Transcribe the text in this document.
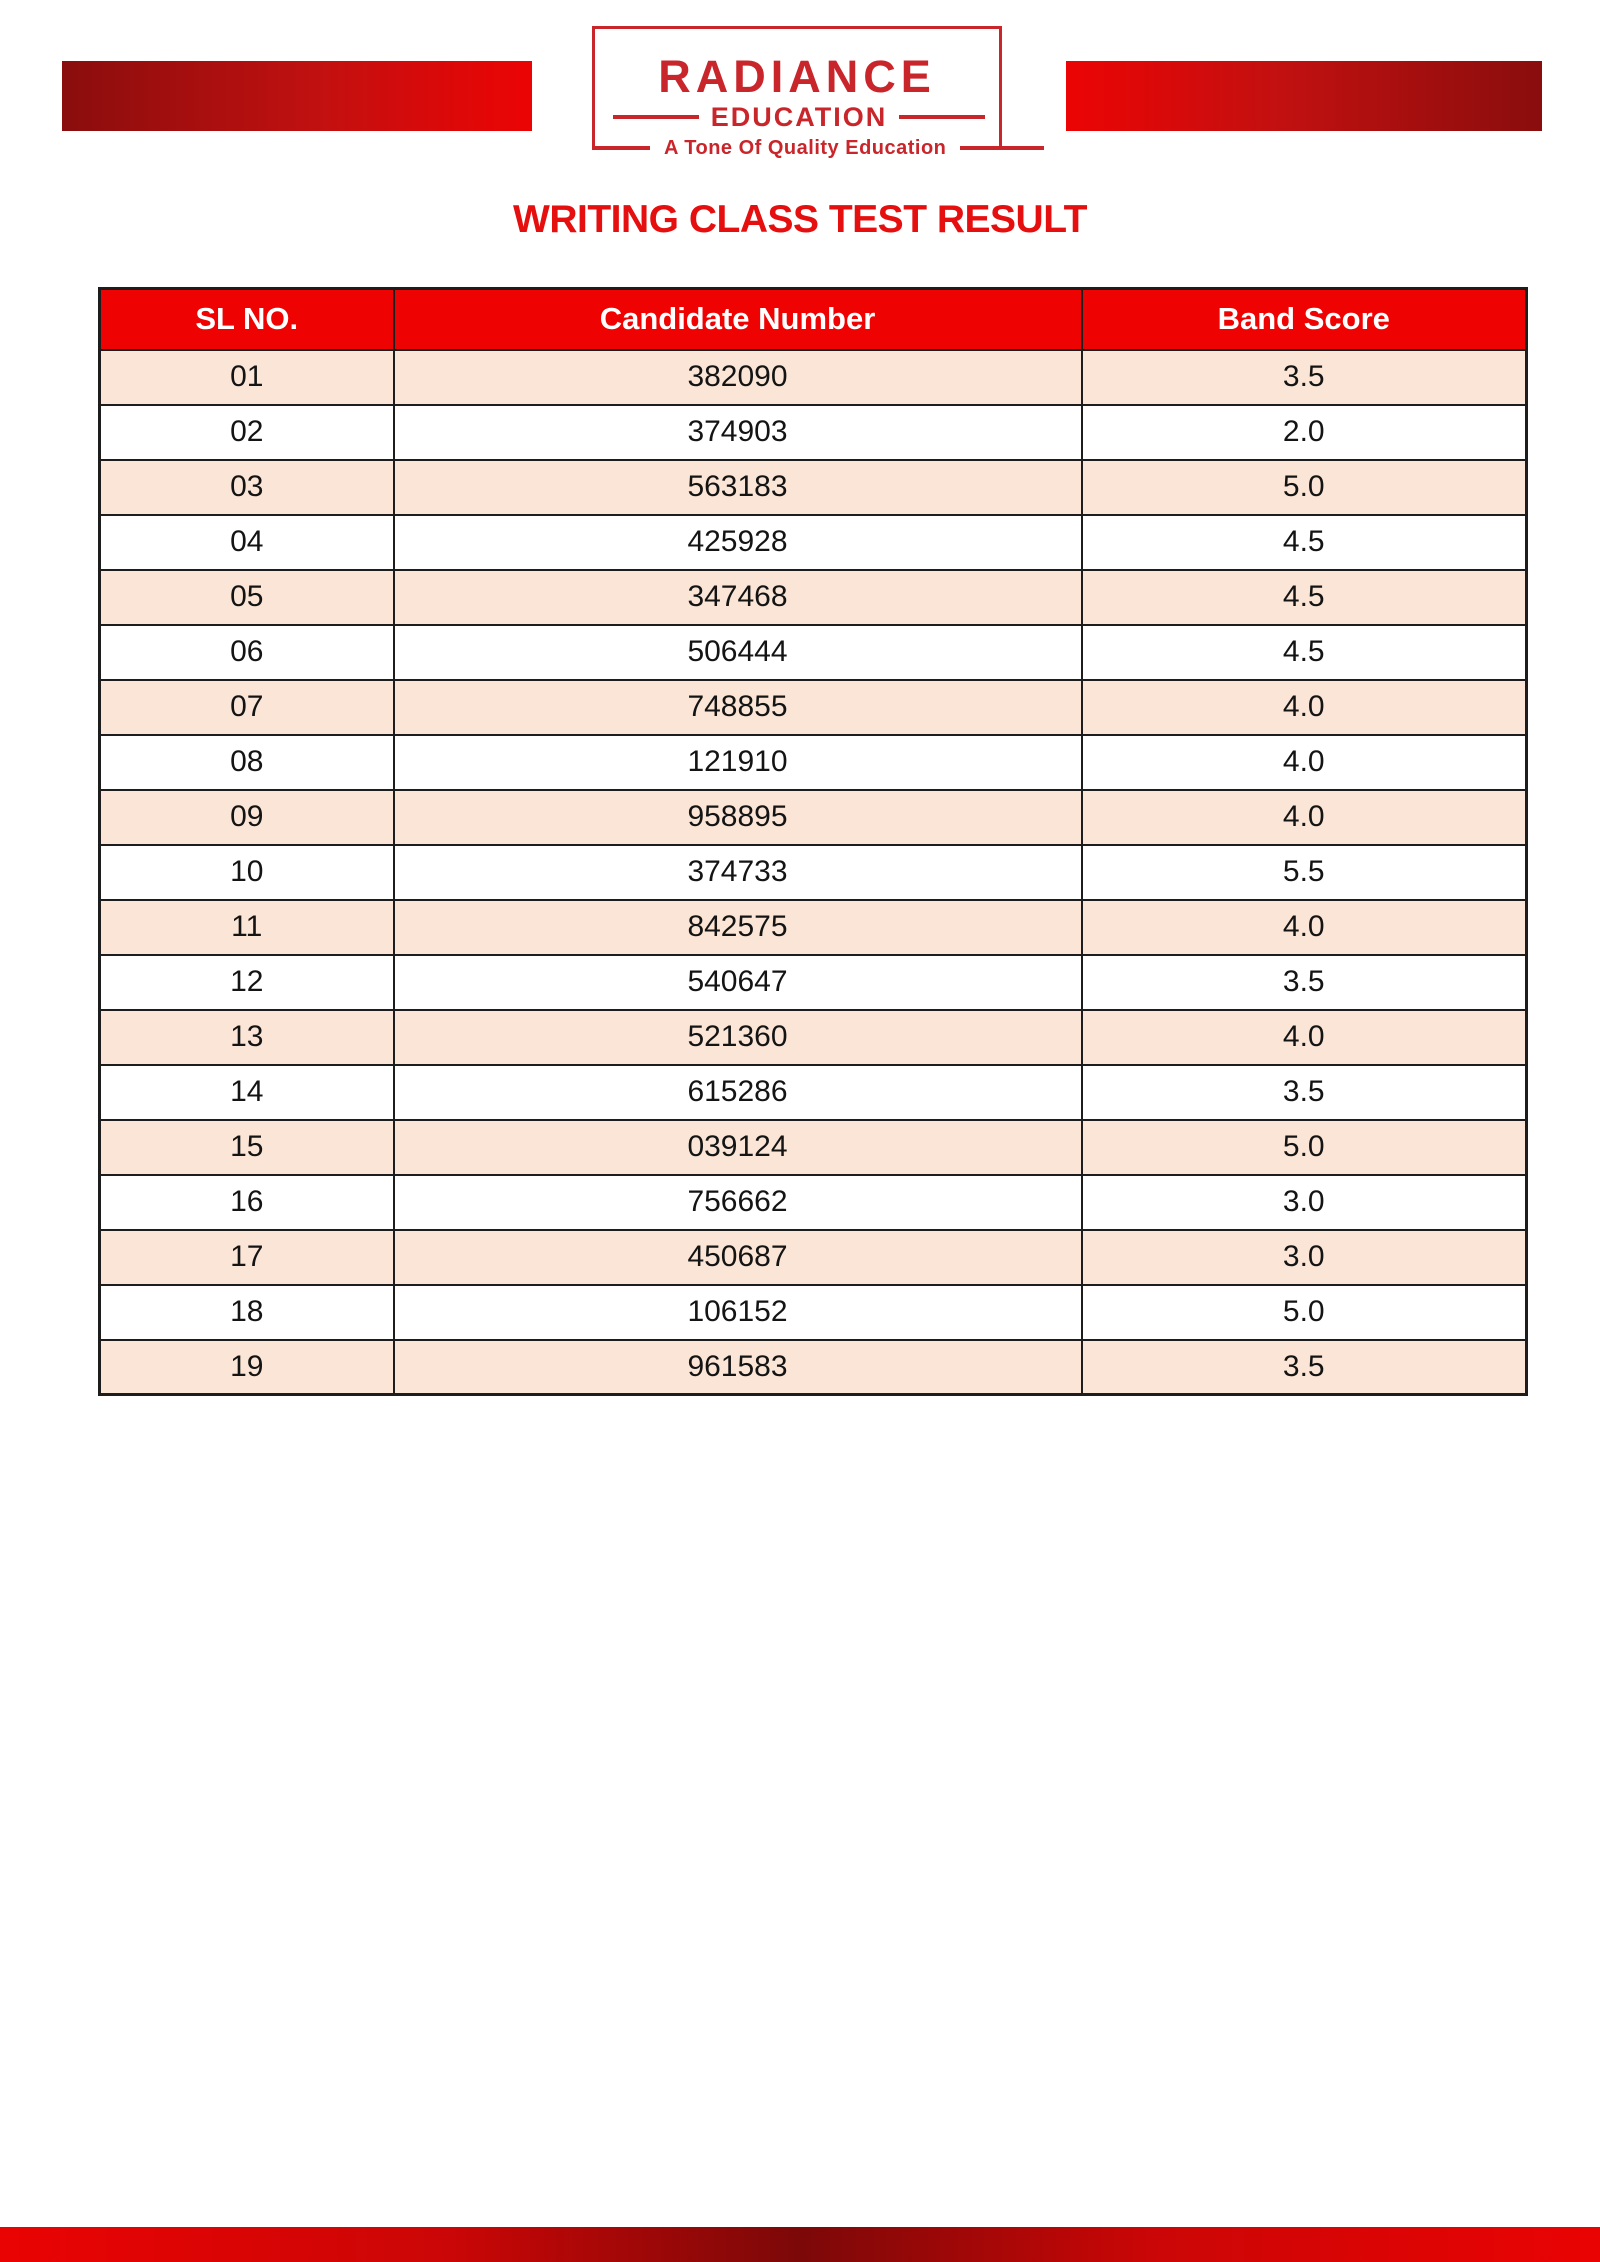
RADIANCE
EDUCATION
A Tone Of Quality Education
WRITING CLASS TEST RESULT
SL NO.	Candidate Number	Band Score
01	382090	3.5
02	374903	2.0
03	563183	5.0
04	425928	4.5
05	347468	4.5
06	506444	4.5
07	748855	4.0
08	121910	4.0
09	958895	4.0
10	374733	5.5
11	842575	4.0
12	540647	3.5
13	521360	4.0
14	615286	3.5
15	039124	5.0
16	756662	3.0
17	450687	3.0
18	106152	5.0
19	961583	3.5
